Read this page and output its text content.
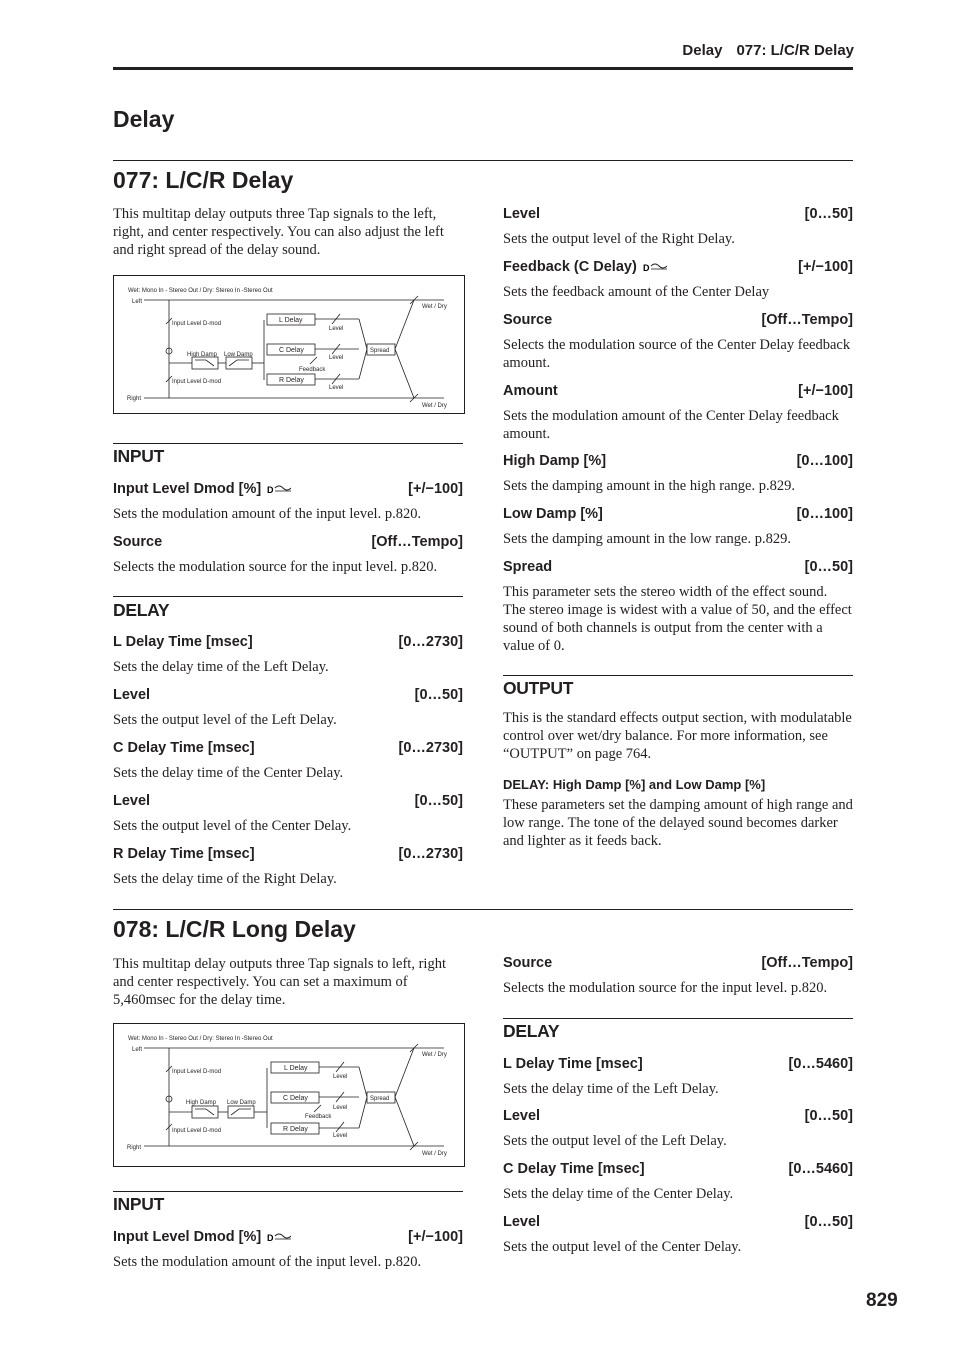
Delay 077: L/C/R Delay
Delay
077: L/C/R Delay
This multitap delay outputs three Tap signals to the left, right, and center respectively. You can also adjust the left and right spread of the delay sound.
Wet: Mono In - Stereo Out / Dry: Stereo In -Stereo Out
Left
Right
Wet / Dry
Wet / Dry
Input Level D-mod
Input Level D-mod
High Damp Low Damp
Level
Level
Level
Feedback
L Delay
C Delay
R Delay
Spread
INPUT
Input Level Dmod [%] D	[+/−100]
Sets the modulation amount of the input level. p.820.
Source	[Off…Tempo]
Selects the modulation source for the input level. p.820.
DELAY
L Delay Time [msec]	[0…2730]
Sets the delay time of the Left Delay.
Level	[0…50]
Sets the output level of the Left Delay.
C Delay Time [msec]	[0…2730]
Sets the delay time of the Center Delay.
Level	[0…50]
Sets the output level of the Center Delay.
R Delay Time [msec]	[0…2730]
Sets the delay time of the Right Delay.
Level	[0…50]
Sets the output level of the Right Delay.
Feedback (C Delay) D	[+/−100]
Sets the feedback amount of the Center Delay
Source	[Off…Tempo]
Selects the modulation source of the Center Delay feedback amount.
Amount	[+/−100]
Sets the modulation amount of the Center Delay feedback amount.
High Damp [%]	[0…100]
Sets the damping amount in the high range. p.829.
Low Damp [%]	[0…100]
Sets the damping amount in the low range. p.829.
Spread	[0…50]
This parameter sets the stereo width of the effect sound. The stereo image is widest with a value of 50, and the effect sound of both channels is output from the center with a value of 0.
OUTPUT
This is the standard effects output section, with modulatable control over wet/dry balance. For more information, see “OUTPUT” on page 764.
DELAY: High Damp [%] and Low Damp [%]
These parameters set the damping amount of high range and low range. The tone of the delayed sound becomes darker and lighter as it feeds back.
078: L/C/R Long Delay
This multitap delay outputs three Tap signals to left, right and center respectively. You can set a maximum of 5,460msec for the delay time.
Wet: Mono In - Stereo Out / Dry: Stereo In -Stereo Out
Left
Right
Wet / Dry
Wet / Dry
Input Level D-mod
Input Level D-mod
High Damp Low Damp
Level
Level
Level
Feedback
L Delay
C Delay
R Delay
Spread
INPUT
Input Level Dmod [%] D	[+/−100]
Sets the modulation amount of the input level. p.820.
Source	[Off…Tempo]
Selects the modulation source for the input level. p.820.
DELAY
L Delay Time [msec]	[0…5460]
Sets the delay time of the Left Delay.
Level	[0…50]
Sets the output level of the Left Delay.
C Delay Time [msec]	[0…5460]
Sets the delay time of the Center Delay.
Level	[0…50]
Sets the output level of the Center Delay.
829
